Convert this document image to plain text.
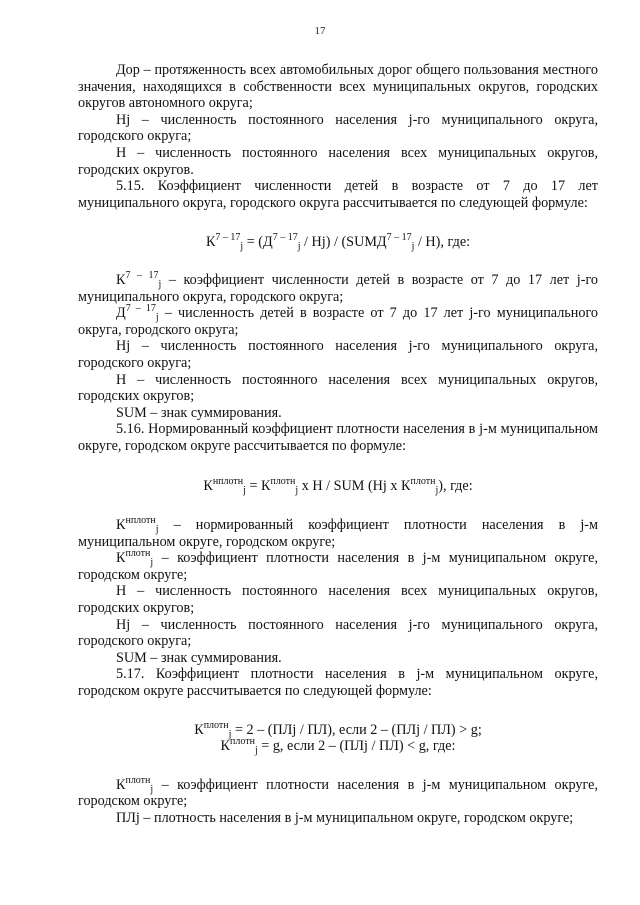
17

Дор – протяженность всех автомобильных дорог общего пользования местного значения, находящихся в собственности всех муниципальных округов, городских округов автономного округа;

Нj – численность постоянного населения j-го муниципального округа, городского округа;

Н – численность постоянного населения всех муниципальных округов, городских округов.

5.15. Коэффициент численности детей в возрасте от 7 до 17 лет муниципального округа, городского округа рассчитывается по следующей формуле:

$К^{7 - 17}_j = (Д^{7 - 17}_j / Нj)$ / $(SUMД^{7 - 17}_j / Н)$, где:

$К^{7 - 17}_j$ – коэффициент численности детей в возрасте от 7 до 17 лет j-го муниципального округа, городского округа;

$Д^{7 - 17}_j$ – численность детей в возрасте от 7 до 17 лет j-го муниципального округа, городского округа;

Нj – численность постоянного населения j-го муниципального округа, городского округа;

Н – численность постоянного населения всех муниципальных округов, городских округов;

SUM – знак суммирования.

5.16. Нормированный коэффициент плотности населения в j-м муниципальном округе, городском округе рассчитывается по формуле:

$К^{нплотн}_j = К^{плотн}_j$ x Н / SUM (Нj x $К^{плотн}_j$), где:

$К^{нплотн}_j$ – нормированный коэффициент плотности населения в j-м муниципальном округе, городском округе;

$К^{плотн}_j$ – коэффициент плотности населения в j-м муниципальном округе, городском округе;

Н – численность постоянного населения всех муниципальных округов, городских округов;

Нj – численность постоянного населения j-го муниципального округа, городского округа;

SUM – знак суммирования.

5.17. Коэффициент плотности населения в j-м муниципальном округе, городском округе рассчитывается по следующей формуле:

$К^{плотн}_j = 2 - (ПЛj / ПЛ)$, если 2 – (ПЛj / ПЛ) > g;

$К^{плотн}_j = g$, если 2 – (ПЛj / ПЛ) < g, где:

$К^{плотн}_j$ – коэффициент плотности населения в j-м муниципальном округе, городском округе;

ПЛj – плотность населения в j-м муниципальном округе, городском округе;
